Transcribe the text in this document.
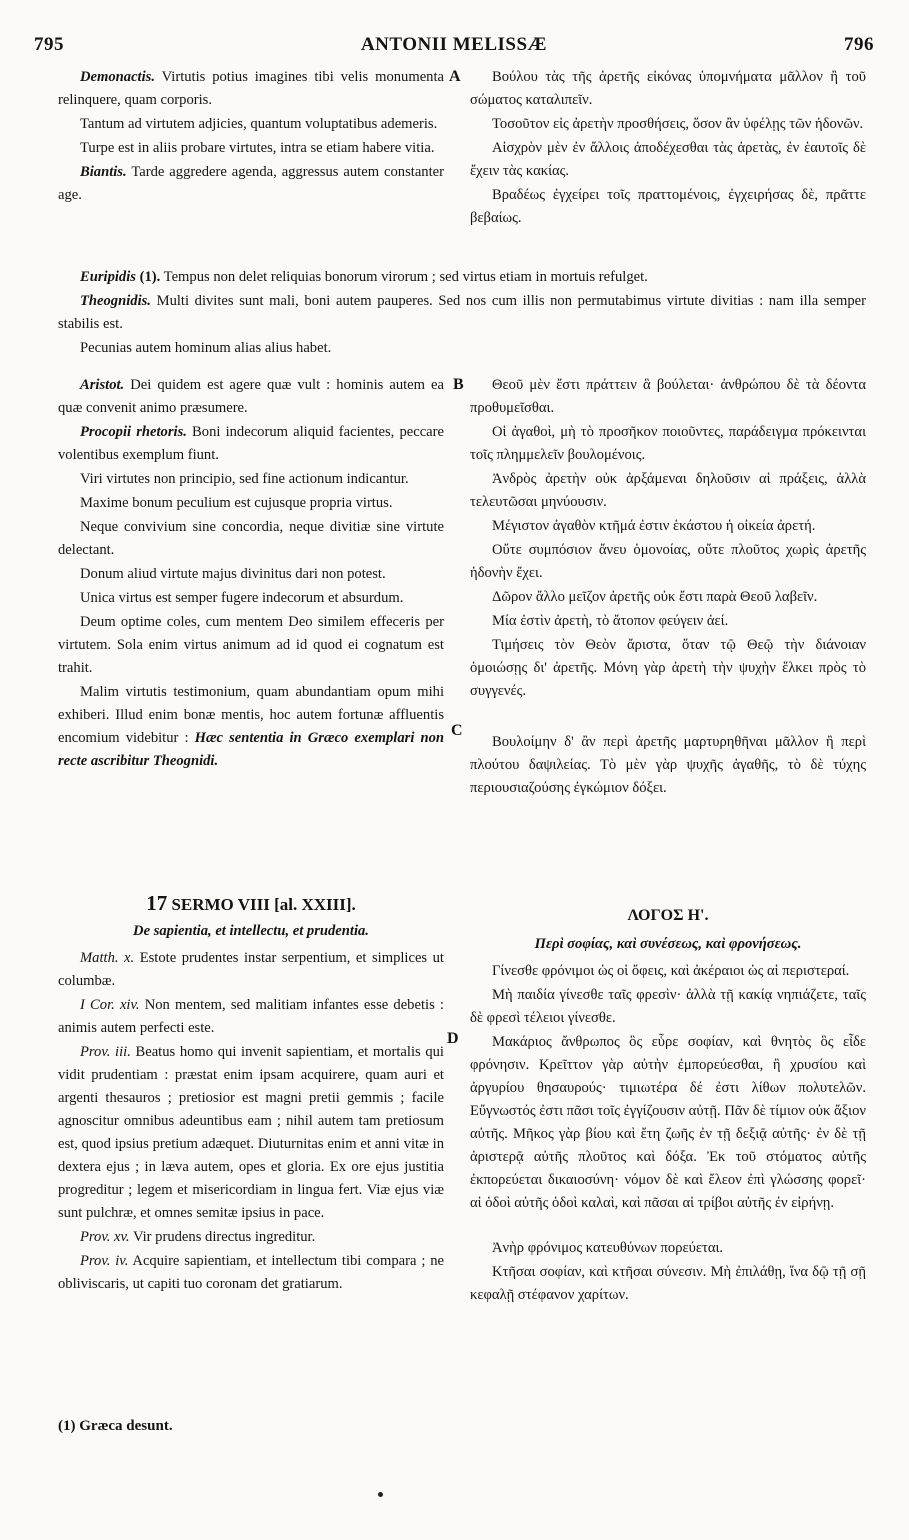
ANTONII MELISSÆ
795	796

Demonactis. Virtutis potius imagines tibi velis monumenta relinquere, quam corporis.

Tantum ad virtutem adjicies, quantum voluptatibus ademeris.

Turpe est in aliis probare virtutes, intra se etiam habere vitia.

Biantis. Tarde aggredere agenda, aggressus autem constanter age.

A	Βούλου τὰς τῆς ἀρετῆς εἰκόνας ὑπομνήματα μᾶλλον ἢ τοῦ σώματος καταλιπεῖν.

Τοσοῦτον εἰς ἀρετὴν προσθήσεις, ὅσον ἂν ὑφέλῃς τῶν ἡδονῶν.

Αἰσχρὸν μὲν ἐν ἄλλοις ἀποδέχεσθαι τὰς ἀρετὰς, ἐν ἑαυτοῖς δὲ ἔχειν τὰς κακίας.

Βραδέως ἐγχείρει τοῖς πραττομένοις, ἐγχειρήσας δὲ, πρᾶττε βεβαίως.

Euripidis (1). Tempus non delet reliquias bonorum virorum ; sed virtus etiam in mortuis refulget.

Theognidis. Multi divites sunt mali, boni autem pauperes. Sed nos cum illis non permutabimus virtute divitias : nam illa semper stabilis est.

Pecunias autem hominum alias alius habet.

Aristot. Dei quidem est agere quæ vult : hominis autem ea quæ convenit animo præsumere.

Procopii rhetoris. Boni indecorum aliquid facientes, peccare volentibus exemplum fiunt.

Viri virtutes non principio, sed fine actionum indicantur.

Maxime bonum peculium est cujusque propria virtus.

Neque convivium sine concordia, neque divitiæ sine virtute delectant.

Donum aliud virtute majus divinitus dari non potest.

Unica virtus est semper fugere indecorum et absurdum.

Deum optime coles, cum mentem Deo similem effeceris per virtutem. Sola enim virtus animum ad id quod ei cognatum est trahit.

Malim virtutis testimonium, quam abundantiam opum mihi exhiberi. Illud enim bonæ mentis, hoc autem fortunæ affluentis encomium videbitur : Hæc sententia in Græco exemplari non recte ascribitur Theognidi.

B
C

Θεοῦ μὲν ἔστι πράττειν ἃ βούλεται· ἀνθρώπου δὲ τὰ δέοντα προθυμεῖσθαι.

Οἱ ἀγαθοὶ, μὴ τὸ προσῆκον ποιοῦντες, παράδειγμα πρόκεινται τοῖς πλημμελεῖν βουλομένοις.

Ἀνδρὸς ἀρετὴν οὐκ ἀρξάμεναι δηλοῦσιν αἱ πράξεις, ἀλλὰ τελευτῶσαι μηνύουσιν.

Μέγιστον ἀγαθὸν κτῆμά ἐστιν ἑκάστου ἡ οἰκεία ἀρετή.

Οὔτε συμπόσιον ἄνευ ὁμονοίας, οὔτε πλοῦτος χωρὶς ἀρετῆς ἡδονὴν ἔχει.

Δῶρον ἄλλο μεῖζον ἀρετῆς οὐκ ἔστι παρὰ Θεοῦ λαβεῖν.

Μία ἐστὶν ἀρετὴ, τὸ ἄτοπον φεύγειν ἀεί.

Τιμήσεις τὸν Θεὸν ἄριστα, ὅταν τῷ Θεῷ τὴν διάνοιαν ὁμοιώσῃς δι' ἀρετῆς. Μόνη γὰρ ἀρετὴ τὴν ψυχὴν ἕλκει πρὸς τὸ συγγενές.

Βουλοίμην δ' ἂν περὶ ἀρετῆς μαρτυρηθῆναι μᾶλλον ἢ περὶ πλούτου δαψιλείας. Τὸ μὲν γὰρ ψυχῆς ἀγαθῆς, τὸ δὲ τύχης περιουσιαζούσης ἐγκώμιον δόξει.

17 SERMO VIII [al. XXIII].

De sapientia, et intellectu, et prudentia.

Matth. x. Estote prudentes instar serpentium, et simplices ut columbæ.

I Cor. xiv. Non mentem, sed malitiam infantes esse debetis : animis autem perfecti este.

Prov. iii. Beatus homo qui invenit sapientiam, et mortalis qui vidit prudentiam : præstat enim ipsam acquirere, quam auri et argenti thesauros ; pretiosior est magni pretii gemmis ; facile agnoscitur omnibus adeuntibus eam ; nihil autem tam pretiosum est, quod ipsius pretium adæquet. Diuturnitas enim et anni vitæ in dextera ejus ; in læva autem, opes et gloria. Ex ore ejus justitia progreditur ; legem et misericordiam in lingua fert. Viæ ejus viæ sunt pulchræ, et omnes semitæ ipsius in pace.

Prov. xv. Vir prudens directus ingreditur.

Prov. iv. Acquire sapientiam, et intellectum tibi compara ; ne obliviscaris, ut capiti tuo coronam det gratiarum.

D

ΛΟΓΟΣ Η'.

Περὶ σοφίας, καὶ συνέσεως, καὶ φρονήσεως.

Γίνεσθε φρόνιμοι ὡς οἱ ὄφεις, καὶ ἀκέραιοι ὡς αἱ περιστεραί.

Μὴ παιδία γίνεσθε ταῖς φρεσὶν· ἀλλὰ τῇ κακίᾳ νηπιάζετε, ταῖς δὲ φρεσὶ τέλειοι γίνεσθε.

Μακάριος ἄνθρωπος ὃς εὗρε σοφίαν, καὶ θνητὸς ὃς εἶδε φρόνησιν. Κρεῖττον γὰρ αὐτὴν ἐμπορεύεσθαι, ἢ χρυσίου καὶ ἀργυρίου θησαυρούς· τιμιωτέρα δέ ἐστι λίθων πολυτελῶν. Εὔγνωστός ἐστι πᾶσι τοῖς ἐγγίζουσιν αὐτῇ. Πᾶν δὲ τίμιον οὐκ ἄξιον αὐτῆς. Μῆκος γὰρ βίου καὶ ἔτη ζωῆς ἐν τῇ δεξιᾷ αὐτῆς· ἐν δὲ τῇ ἀριστερᾷ αὐτῆς πλοῦτος καὶ δόξα. Ἐκ τοῦ στόματος αὐτῆς ἐκπορεύεται δικαιοσύνη· νόμον δὲ καὶ ἔλεον ἐπὶ γλώσσης φορεῖ· αἱ ὁδοὶ αὐτῆς ὁδοὶ καλαὶ, καὶ πᾶσαι αἱ τρίβοι αὐτῆς ἐν εἰρήνῃ.

Ἀνὴρ φρόνιμος κατευθύνων πορεύεται.

Κτῆσαι σοφίαν, καὶ κτῆσαι σύνεσιν. Μὴ ἐπιλάθῃ, ἵνα δῷ τῇ σῇ κεφαλῇ στέφανον χαρίτων.

(1) Græca desunt.
